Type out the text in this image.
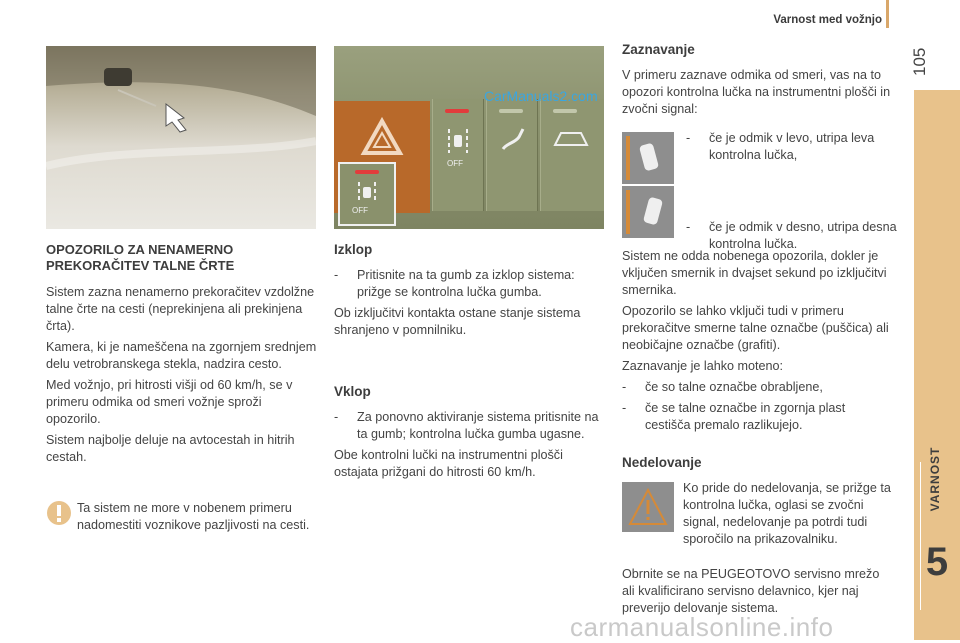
Varnost med vožnjo
105
VARNOST
5
OFF
OFF
CarManuals2.com
OPOZORILO ZA NENAMERNO
PREKORAČITEV TALNE ČRTE

Sistem zazna nenamerno prekoračitev vzdolžne talne črte na cesti (neprekinjena ali prekinjena črta).

Kamera, ki je nameščena na zgornjem srednjem delu vetrobranskega stekla, nadzira cesto.

Med vožnjo, pri hitrosti višji od 60 km/h, se v primeru odmika od smeri vožnje sproži opozorilo.

Sistem najbolje deluje na avtocestah in hitrih cestah.

Ta sistem ne more v nobenem primeru nadomestiti voznikove pazljivosti na cesti.

Izklop
- Pritisnite na ta gumb za izklop sistema: prižge se kontrolna lučka gumba.

Ob izključitvi kontakta ostane stanje sistema shranjeno v pomnilniku.

Vklop
- Za ponovno aktiviranje sistema pritisnite na ta gumb; kontrolna lučka gumba ugasne.

Obe kontrolni lučki na instrumentni plošči ostajata prižgani do hitrosti 60 km/h.

Zaznavanje

V primeru zaznave odmika od smeri, vas na to opozori kontrolna lučka na instrumentni plošči in zvočni signal:

- če je odmik v levo, utripa leva kontrolna lučka,
- če je odmik v desno, utripa desna kontrolna lučka.

Sistem ne odda nobenega opozorila, dokler je vključen smernik in dvajset sekund po izključitvi smernika.

Opozorilo se lahko vključi tudi v primeru prekoračitve smerne talne označbe (puščica) ali neobičajne označbe (grafiti).

Zaznavanje je lahko moteno:

- če so talne označbe obrabljene,
- če se talne označbe in zgornja plast cestišča premalo razlikujejo.
Nedelovanje

Ko pride do nedelovanja, se prižge ta kontrolna lučka, oglasi se zvočni signal, nedelovanje pa potrdi tudi sporočilo na prikazovalniku.

Obrnite se na PEUGEOTOVO servisno mrežo ali kvalificirano servisno delavnico, kjer naj preverijo delovanje sistema.

carmanualsonline.info
